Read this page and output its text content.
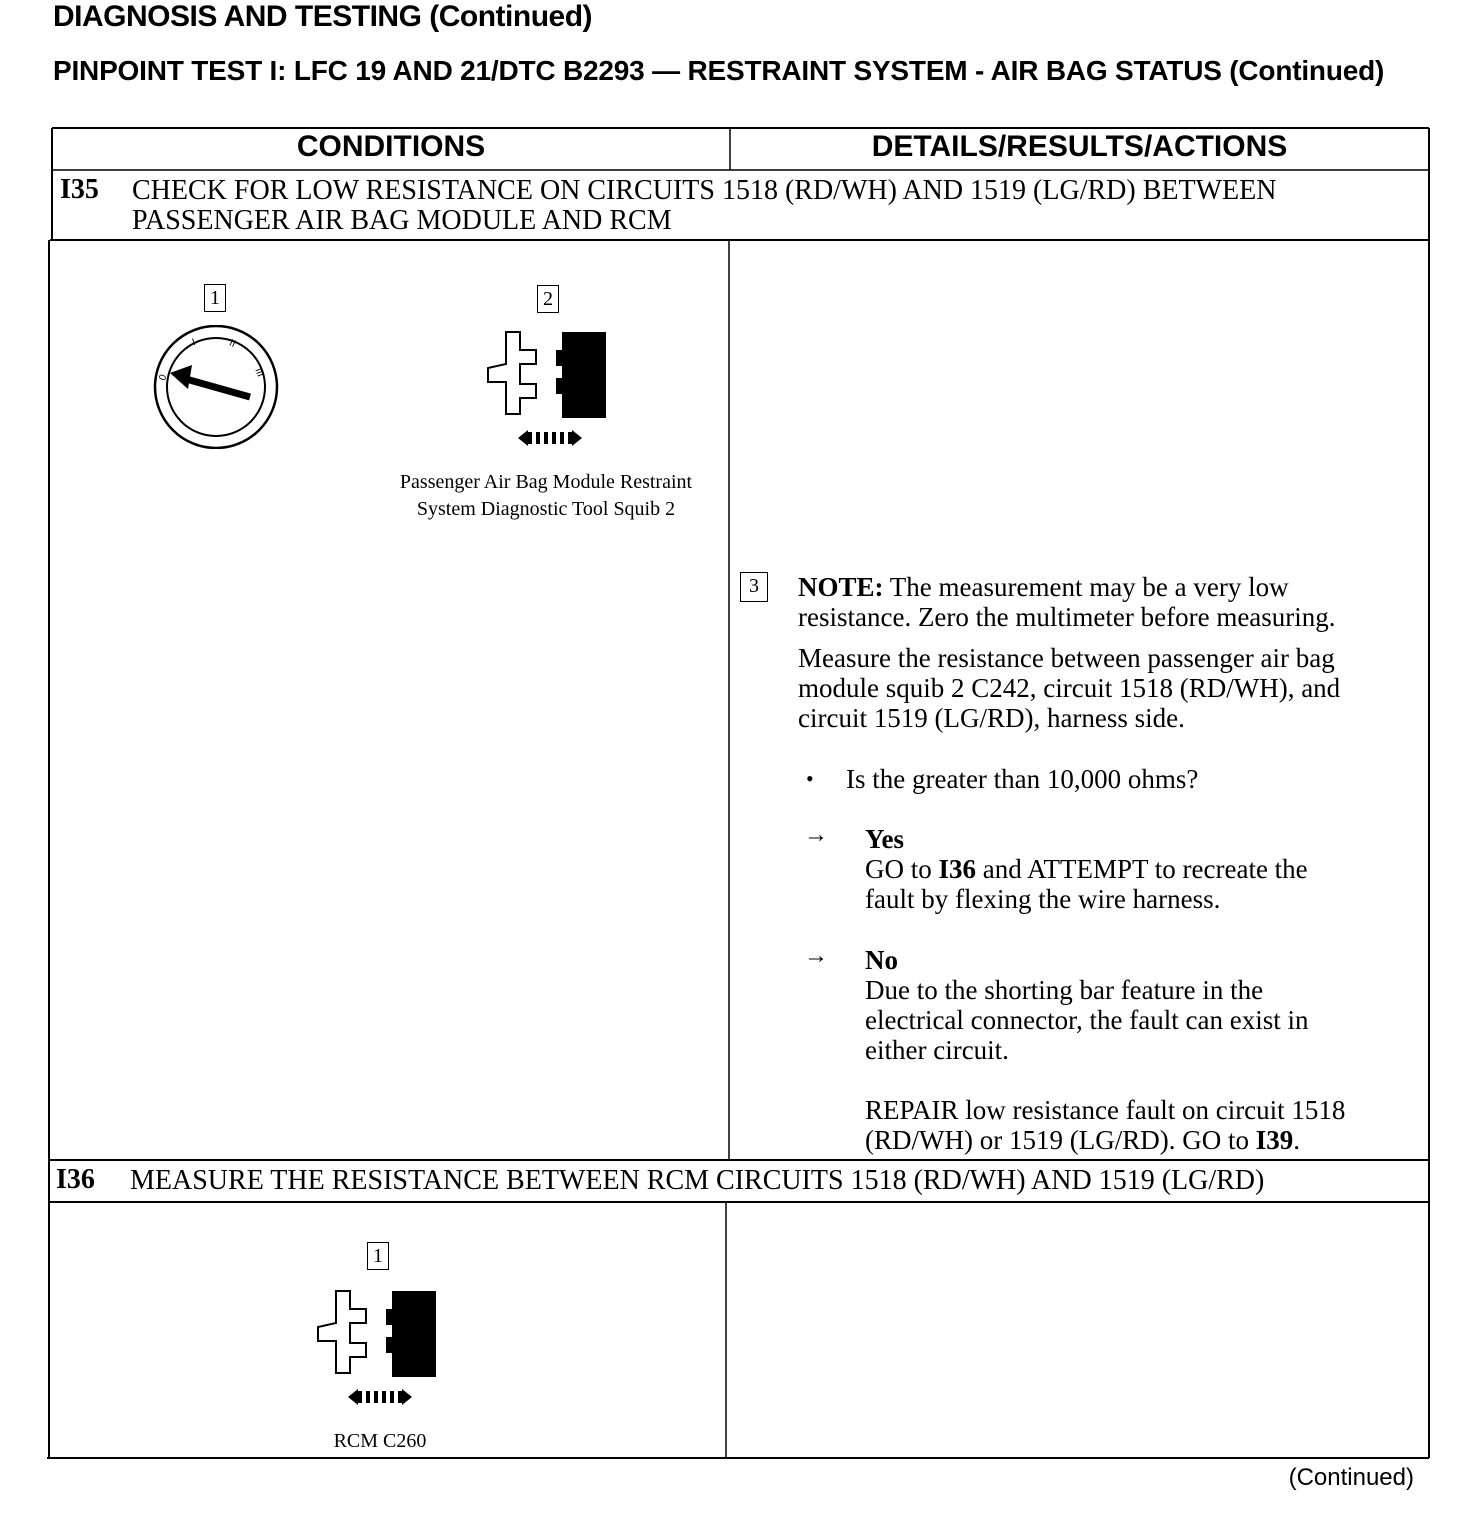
DIAGNOSIS AND TESTING (Continued)
PINPOINT TEST I: LFC 19 AND 21/DTC B2293 — RESTRAINT SYSTEM - AIR BAG STATUS (Continued)
CONDITIONS	DETAILS/RESULTS/ACTIONS
I35 CHECK FOR LOW RESISTANCE ON CIRCUITS 1518 (RD/WH) AND 1519 (LG/RD) BETWEEN
PASSENGER AIR BAG MODULE AND RCM
1
0
I	II
III
2
Passenger Air Bag Module Restraint
System Diagnostic Tool Squib 2
3	NOTE: The measurement may be a very low
resistance. Zero the multimeter before measuring.
Measure the resistance between passenger air bag
module squib 2 C242, circuit 1518 (RD/WH), and
circuit 1519 (LG/RD), harness side.
• Is the greater than 10,000 ohms?
→ Yes
GO to I36 and ATTEMPT to recreate the
fault by flexing the wire harness.
→ No
Due to the shorting bar feature in the
electrical connector, the fault can exist in
either circuit.
REPAIR low resistance fault on circuit 1518
(RD/WH) or 1519 (LG/RD). GO to I39.
I36 MEASURE THE RESISTANCE BETWEEN RCM CIRCUITS 1518 (RD/WH) AND 1519 (LG/RD)
1
RCM C260
(Continued)
